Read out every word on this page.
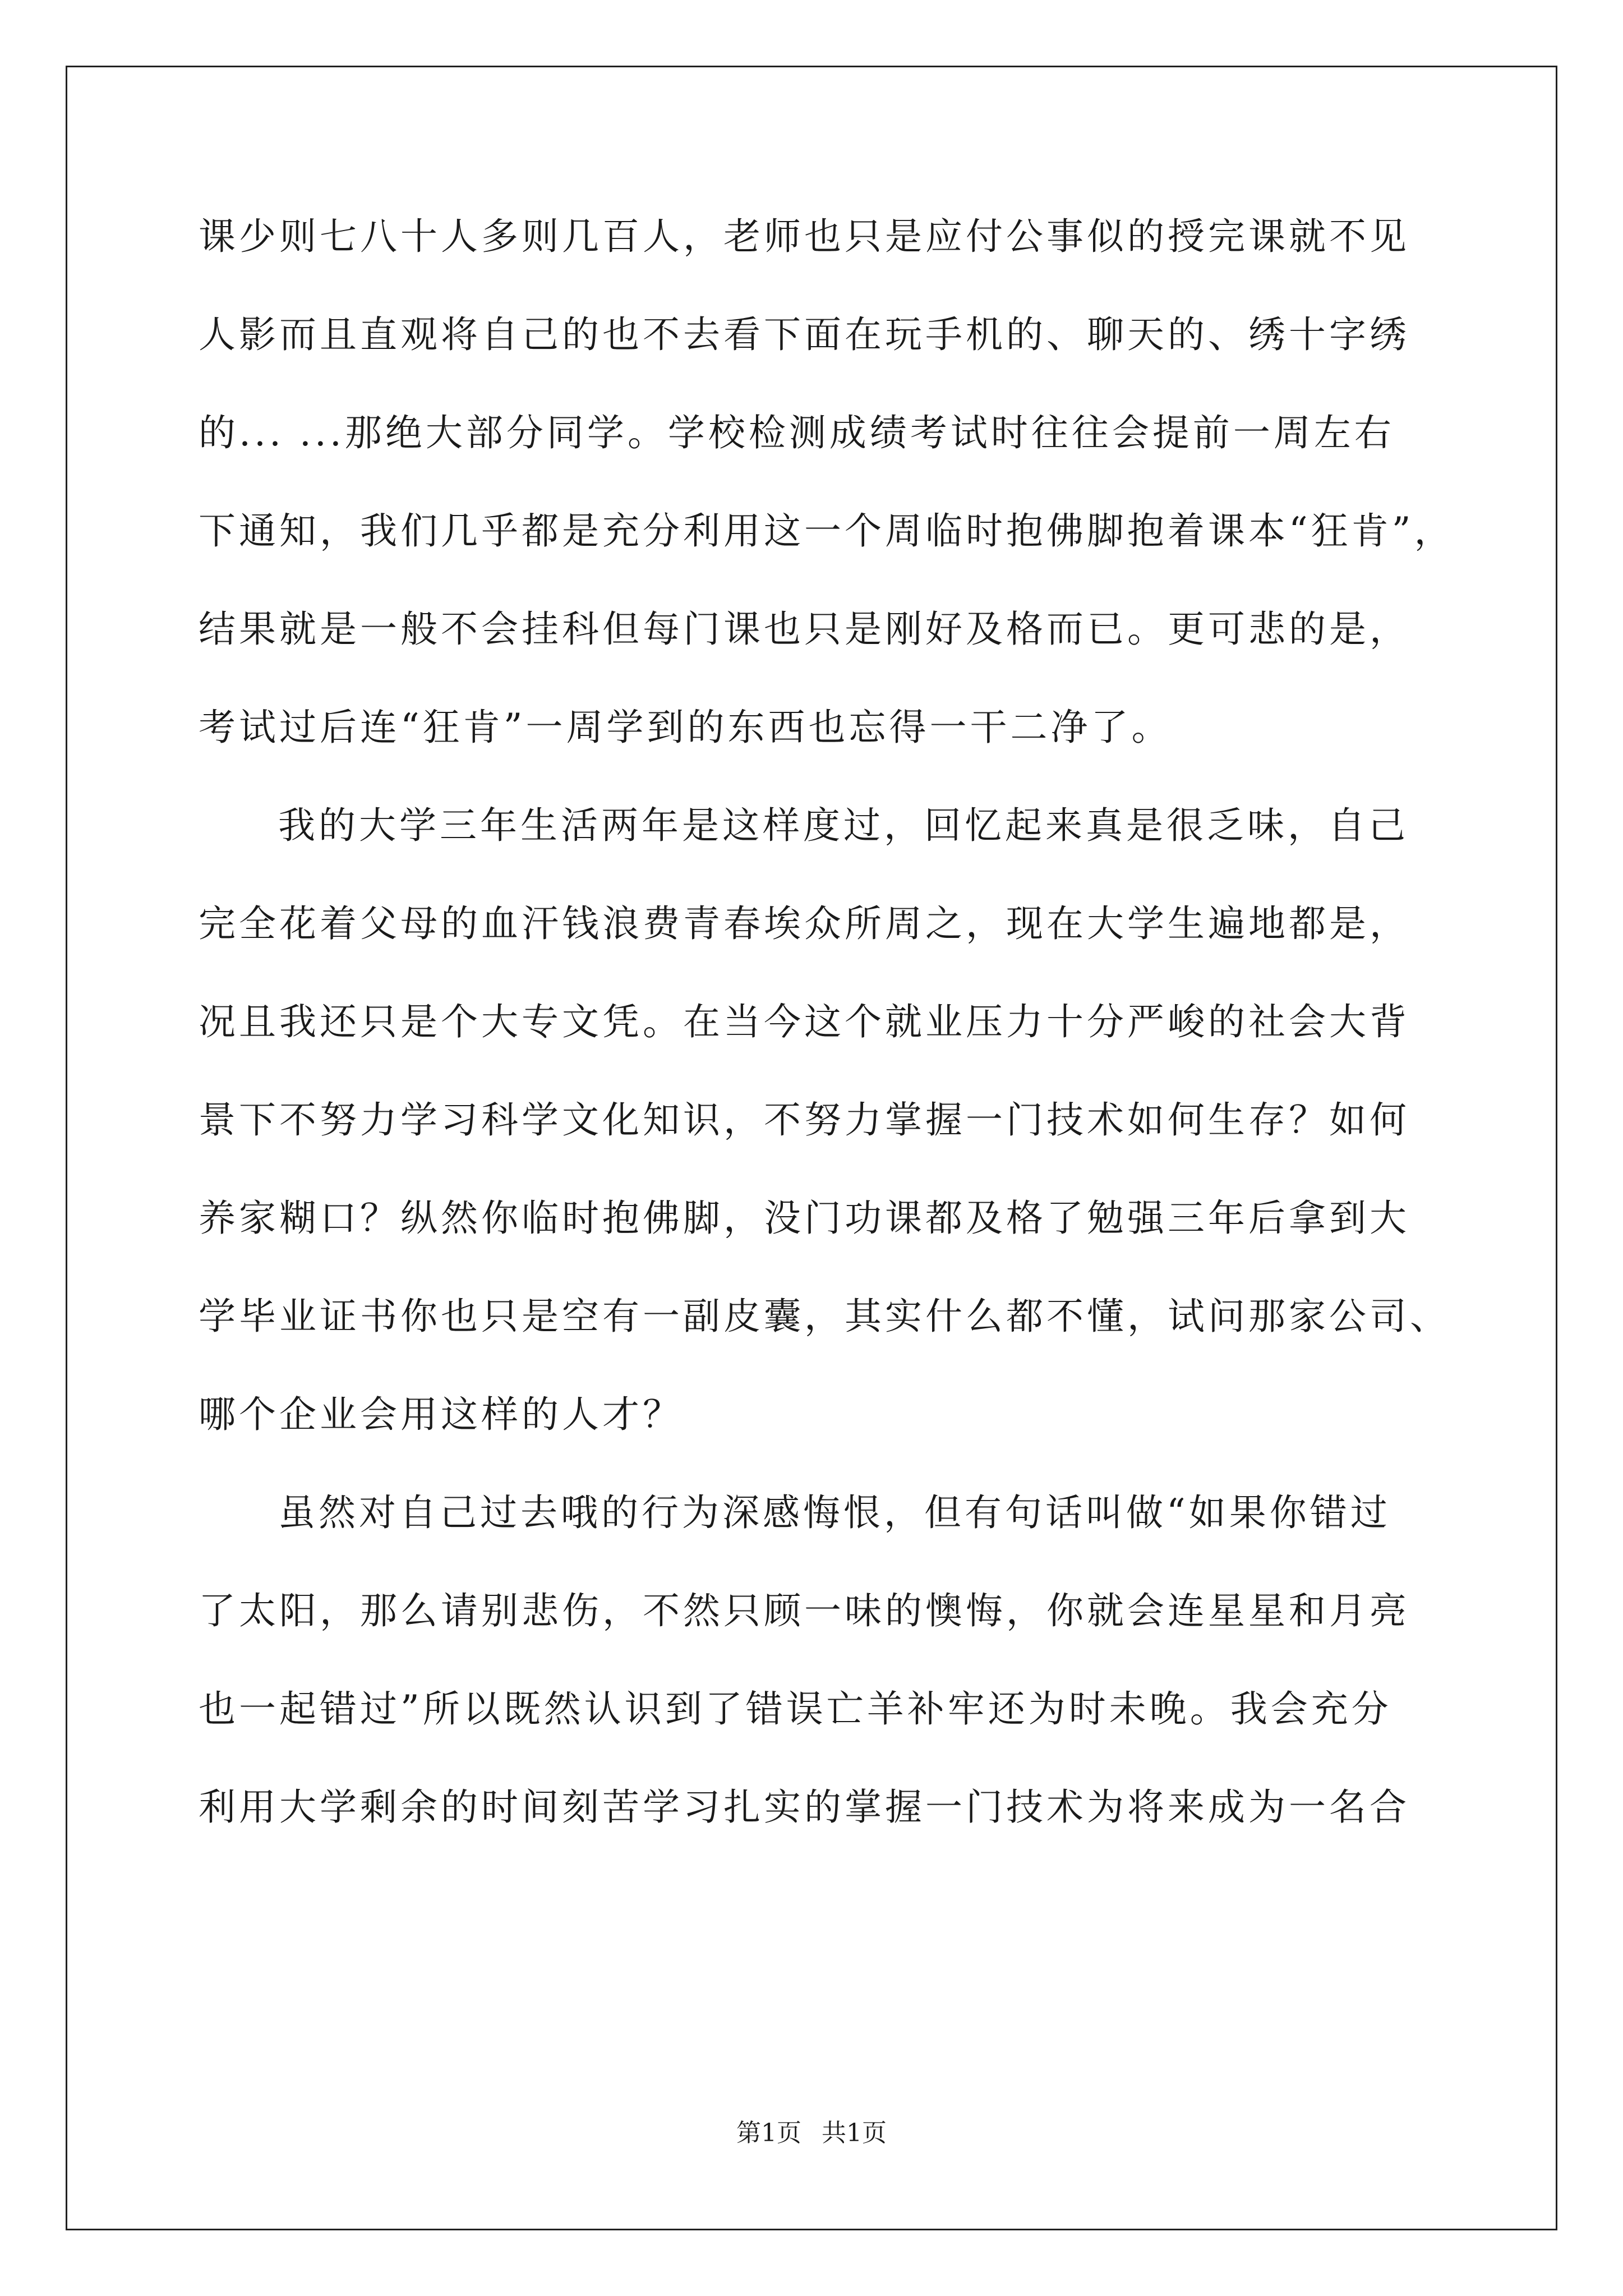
课少则七八十人多则几百人，老师也只是应付公事似的授完课就不见
人影而且直观将自己的也不去看下面在玩手机的、聊天的、绣十字绣
的... ...那绝大部分同学。学校检测成绩考试时往往会提前一周左右
下通知，我们几乎都是充分利用这一个周临时抱佛脚抱着课本“狂肯”，
结果就是一般不会挂科但每门课也只是刚好及格而已。更可悲的是，
考试过后连“狂肯”一周学到的东西也忘得一干二净了。
我的大学三年生活两年是这样度过，回忆起来真是很乏味，自己
完全花着父母的血汗钱浪费青春埃众所周之，现在大学生遍地都是，
况且我还只是个大专文凭。在当今这个就业压力十分严峻的社会大背
景下不努力学习科学文化知识，不努力掌握一门技术如何生存？如何
养家糊口？纵然你临时抱佛脚，没门功课都及格了勉强三年后拿到大
学毕业证书你也只是空有一副皮囊，其实什么都不懂，试问那家公司、
哪个企业会用这样的人才？
虽然对自己过去哦的行为深感悔恨，但有句话叫做“如果你错过
了太阳，那么请别悲伤，不然只顾一味的懊悔，你就会连星星和月亮
也一起错过”所以既然认识到了错误亡羊补牢还为时未晚。我会充分
利用大学剩余的时间刻苦学习扎实的掌握一门技术为将来成为一名合
第1页 共1页
